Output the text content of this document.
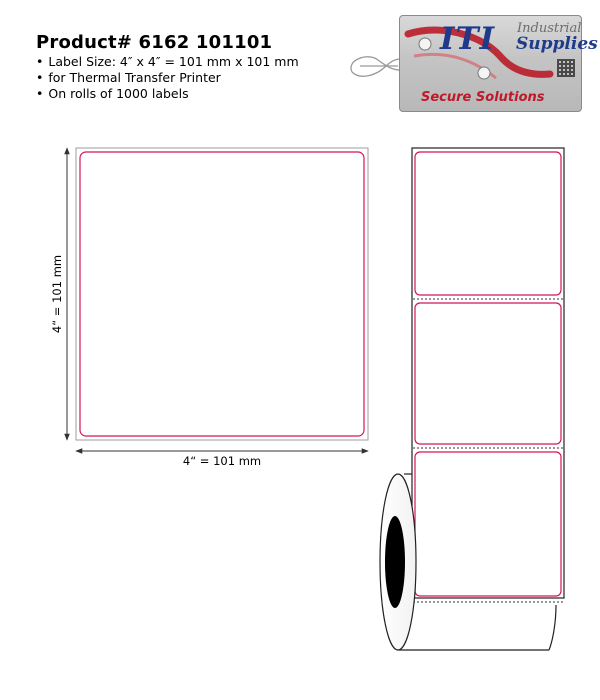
Product# 6162 101101
• Label Size: 4″ x 4″ = 101 mm x 101 mm
• for Thermal Transfer Printer
• On rolls of 1000 labels
4“ = 101 mm
4“ = 101 mm
ITI Industrial
Supplies
Secure Solutions
